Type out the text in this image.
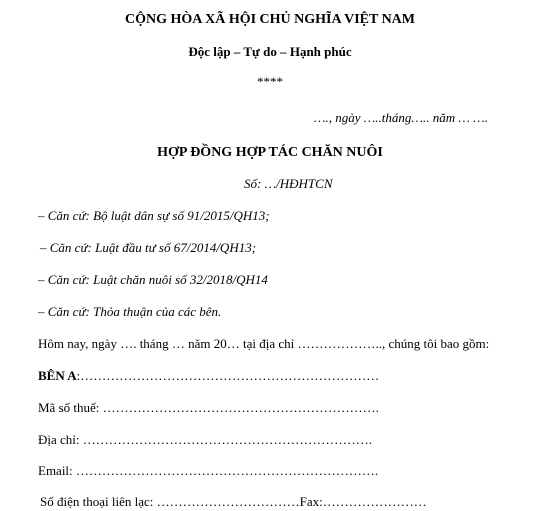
CỘNG HÒA XÃ HỘI CHỦ NGHĨA VIỆT NAM
Độc lập – Tự do – Hạnh phúc
****
…., ngày …..tháng….. năm … ….
HỢP ĐỒNG HỢP TÁC CHĂN NUÔI
Số: …/HĐHTCN
– Căn cứ: Bộ luật dân sự số 91/2015/QH13;
– Căn cứ: Luật đầu tư số 67/2014/QH13;
– Căn cứ: Luật chăn nuôi số 32/2018/QH14
– Căn cứ: Thỏa thuận của các bên.
Hôm nay, ngày …. tháng … năm 20… tại địa chỉ ……………….., chúng tôi bao gồm:
BÊN A:……………………………………………………………
Mã số thuế: ……………………………………………………….
Địa chỉ: ………………………………………………………….
Email: …………………………………………………………….
Số điện thoại liên lạc: ……………………………Fax:……………………
